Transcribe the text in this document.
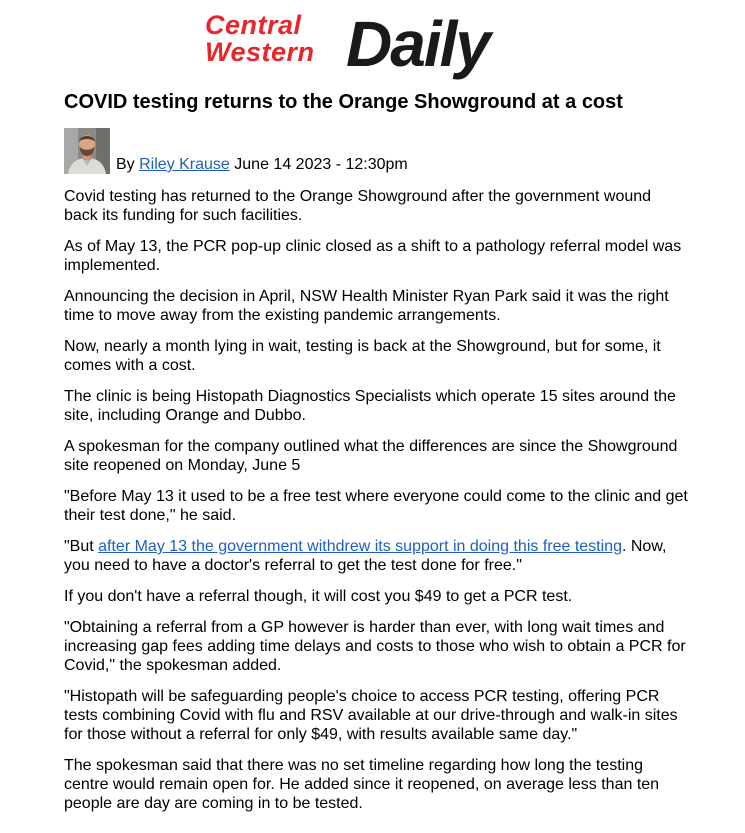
Central
Western Daily
COVID testing returns to the Orange Showground at a cost
By
Riley Krause
June 14 2023 - 12:30pm

Covid testing has returned to the Orange Showground after the government wound back its funding for such facilities.

As of May 13, the PCR pop-up clinic closed as a shift to a pathology referral model was implemented.

Announcing the decision in April, NSW Health Minister Ryan Park said it was the right time to move away from the existing pandemic arrangements.

Now, nearly a month lying in wait, testing is back at the Showground, but for some, it comes with a cost.

The clinic is being Histopath Diagnostics Specialists which operate 15 sites around the site, including Orange and Dubbo.

A spokesman for the company outlined what the differences are since the Showground site reopened on Monday, June 5

"Before May 13 it used to be a free test where everyone could come to the clinic and get their test done," he said.

"But after May 13 the government withdrew its support in doing this free testing. Now, you need to have a doctor's referral to get the test done for free."

If you don't have a referral though, it will cost you $49 to get a PCR test.

"Obtaining a referral from a GP however is harder than ever, with long wait times and increasing gap fees adding time delays and costs to those who wish to obtain a PCR for Covid," the spokesman added.

"Histopath will be safeguarding people's choice to access PCR testing, offering PCR tests combining Covid with flu and RSV available at our drive-through and walk-in sites for those without a referral for only $49, with results available same day."

The spokesman said that there was no set timeline regarding how long the testing centre would remain open for. He added since it reopened, on average less than ten people are day are coming in to be tested.
